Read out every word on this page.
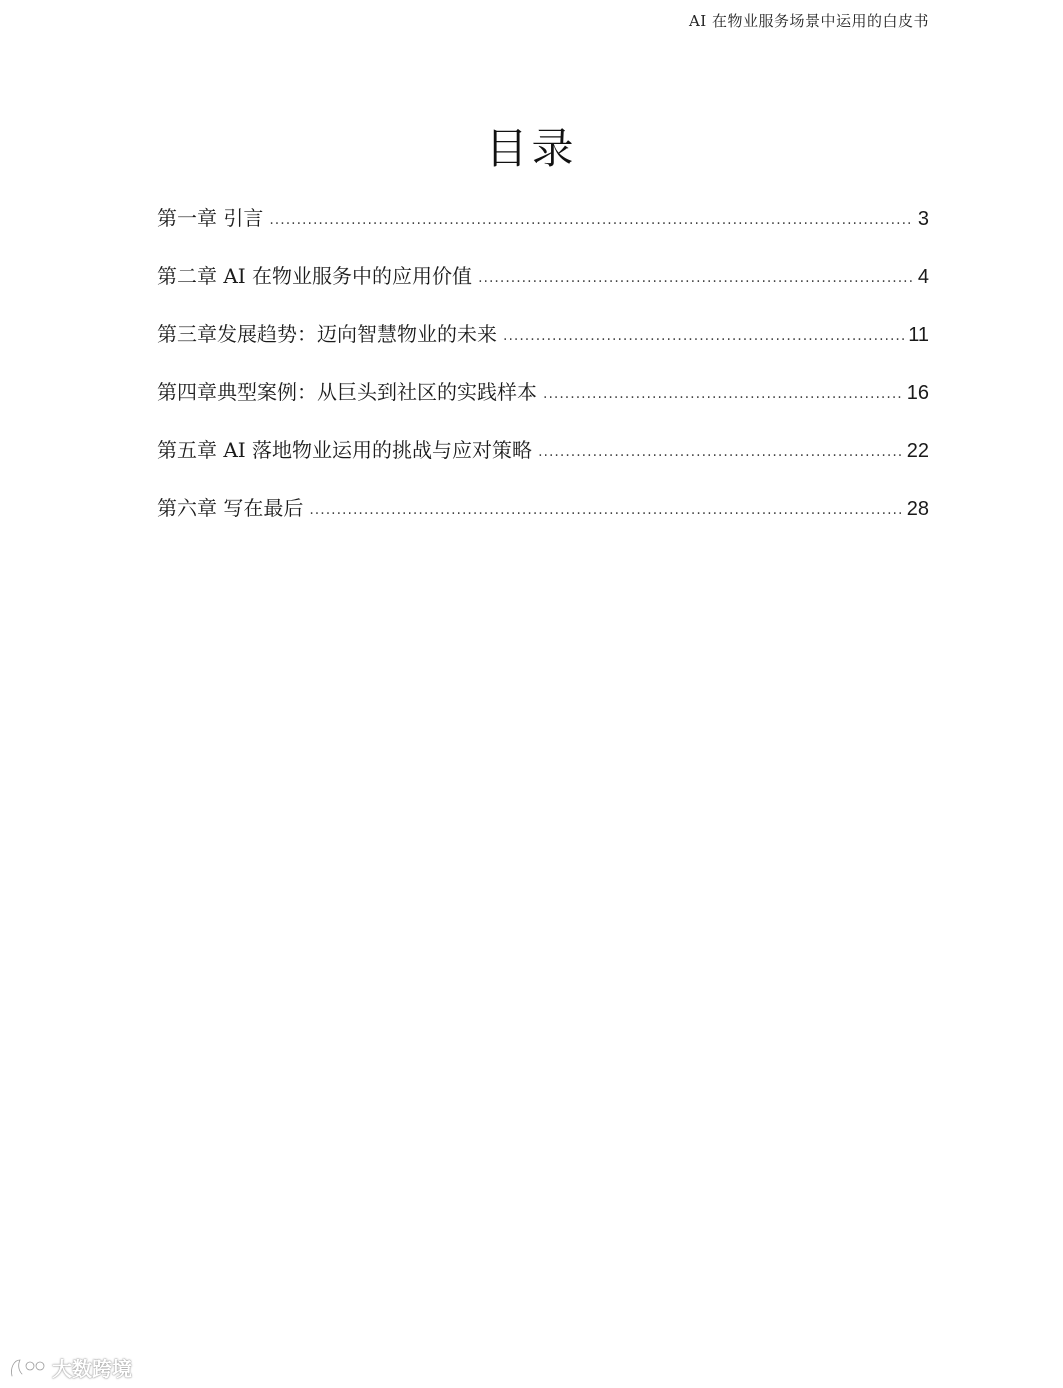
AI 在物业服务场景中运用的白皮书
目录
第一章 引言 .....	3
第二章 AI 在物业服务中的应用价值 .....	4
第三章发展趋势：迈向智慧物业的未来 .....	11
第四章典型案例：从巨头到社区的实践样本 .....	16
第五章 AI 落地物业运用的挑战与应对策略 .....	22
第六章 写在最后 .....	28
大数跨境
